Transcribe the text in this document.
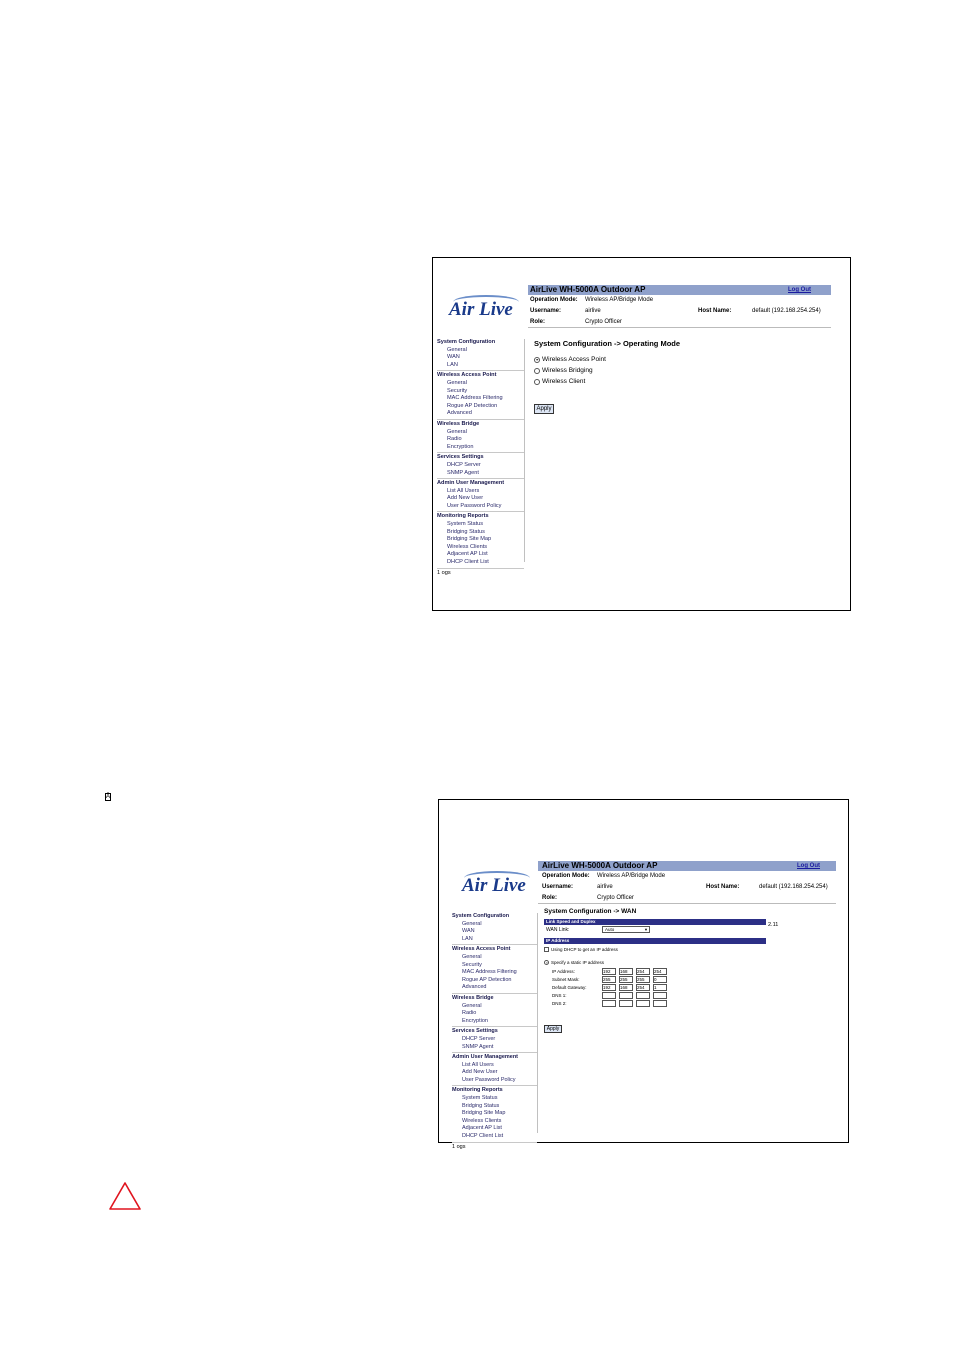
Air Live
AirLive WH-5000A Outdoor AP	Log Out
Operation Mode: Wireless AP/Bridge Mode
Username:	airlive	Host Name:	default (192.168.254.254)
Role:	Crypto Officer
System Configuration
General
WAN
LAN
Wireless Access Point
General
Security
MAC Address Filtering
Rogue AP Detection
Advanced
Wireless Bridge
General
Radio
Encryption
Services Settings
DHCP Server
SNMP Agent
Admin User Management
List All Users
Add New User
User Password Policy
Monitoring Reports
System Status
Bridging Status
Bridging Site Map
Wireless Clients
Adjacent AP List
DHCP Client List
1 ogs
System Configuration -> Operating Mode
Wireless Access Point
Wireless Bridging
Wireless Client
Apply
Air Live
AirLive WH-5000A Outdoor AP	Log Out
Operation Mode: Wireless AP/Bridge Mode
Username:	airlive	Host Name:	default (192.168.254.254)
Role:	Crypto Officer
System Configuration
General
WAN
LAN
Wireless Access Point
General
Security
MAC Address Filtering
Rogue AP Detection
Advanced
Wireless Bridge
General
Radio
Encryption
Services Settings
DHCP Server
SNMP Agent
Admin User Management
List All Users
Add New User
User Password Policy
Monitoring Reports
System Status
Bridging Status
Bridging Site Map
Wireless Clients
Adjacent AP List
DHCP Client List
1 ogs
System Configuration -> WAN
Link Speed and Duplex
2.11
WAN Link:	Auto	▼
IP Address
Using DHCP to get an IP address
Specify a static IP address
IP Address:	192	168	254	254
Subnet Mask:	255	255	255	0
Default Gateway:	192	168	254	1
DNS 1:
DNS 2:
Apply
Â
